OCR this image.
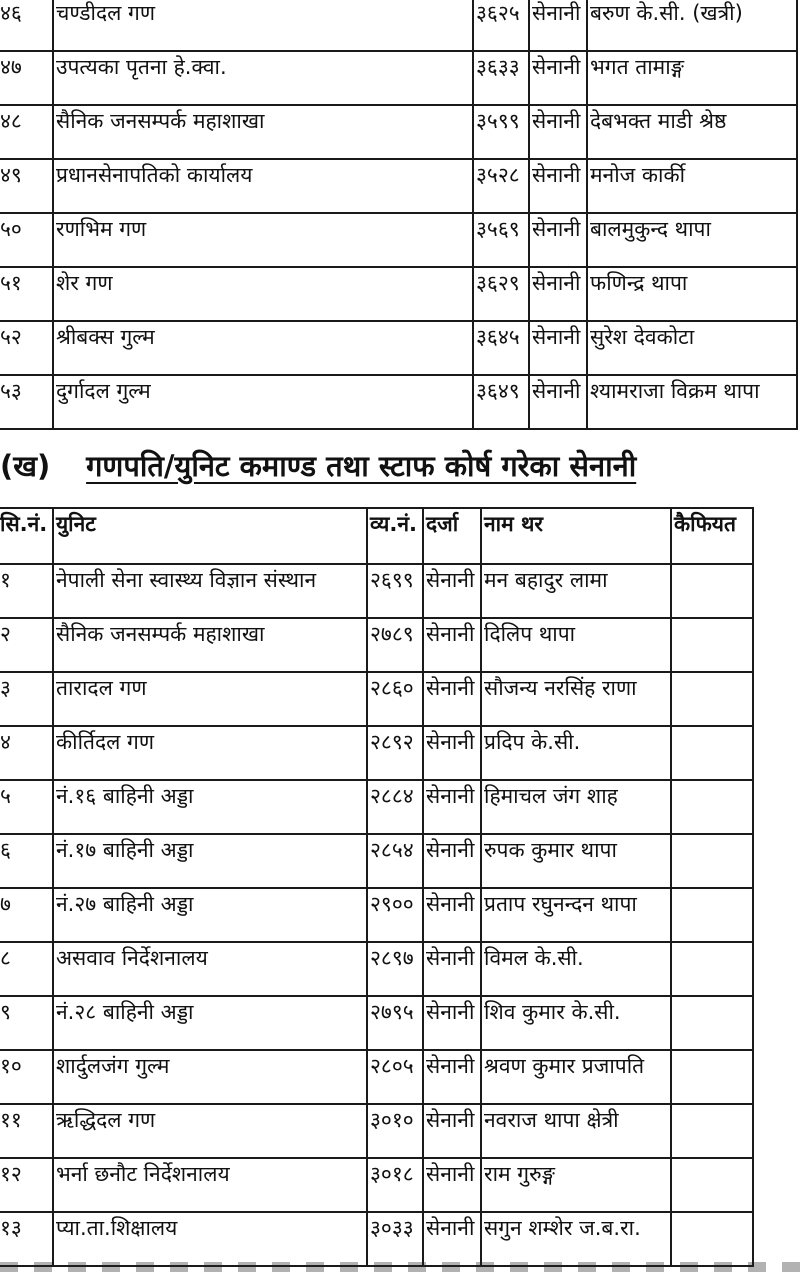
४६	चण्डीदल गण	३६२५	सेनानी	बरुण के.सी. (खत्री)
४७	उपत्यका पृतना हे.क्वा.	३६३३	सेनानी	भगत तामाङ्ग
४८	सैनिक जनसम्पर्क महाशाखा	३५९९	सेनानी	देबभक्त माडी श्रेष्ठ
४९	प्रधानसेनापतिको कार्यालय	३५२८	सेनानी	मनोज कार्की
५०	रणभिम गण	३५६९	सेनानी	बालमुकुन्द थापा
५१	शेर गण	३६२९	सेनानी	फणिन्द्र थापा
५२	श्रीबक्स गुल्म	३६४५	सेनानी	सुरेश देवकोटा
५३	दुर्गादल गुल्म	३६४९	सेनानी	श्यामराजा विक्रम थापा
(ख) गणपति/युनिट कमाण्ड तथा स्टाफ कोर्ष गरेका सेनानी
सि.नं.	युनिट	व्य.नं.	दर्जा	नाम थर	कैफियत
१	नेपाली सेना स्वास्थ्य विज्ञान संस्थान	२६९९	सेनानी	मन बहादुर लामा	
२	सैनिक जनसम्पर्क महाशाखा	२७८९	सेनानी	दिलिप थापा	
३	तारादल गण	२८६०	सेनानी	सौजन्य नरसिंह राणा	
४	कीर्तिदल गण	२८९२	सेनानी	प्रदिप के.सी.	
५	नं.१६ बाहिनी अड्डा	२८८४	सेनानी	हिमाचल जंग शाह	
६	नं.१७ बाहिनी अड्डा	२८५४	सेनानी	रुपक कुमार थापा	
७	नं.२७ बाहिनी अड्डा	२९००	सेनानी	प्रताप रघुनन्दन थापा	
८	असवाव निर्देशनालय	२८९७	सेनानी	विमल के.सी.	
९	नं.२८ बाहिनी अड्डा	२७९५	सेनानी	शिव कुमार के.सी.	
१०	शार्दुलजंग गुल्म	२८०५	सेनानी	श्रवण कुमार प्रजापति	
११	ऋद्धिदल गण	३०१०	सेनानी	नवराज थापा क्षेत्री	
१२	भर्ना छनौट निर्देशनालय	३०१८	सेनानी	राम गुरुङ्ग	
१३	प्या.ता.शिक्षालय	३०३३	सेनानी	सगुन शम्शेर ज.ब.रा.	
